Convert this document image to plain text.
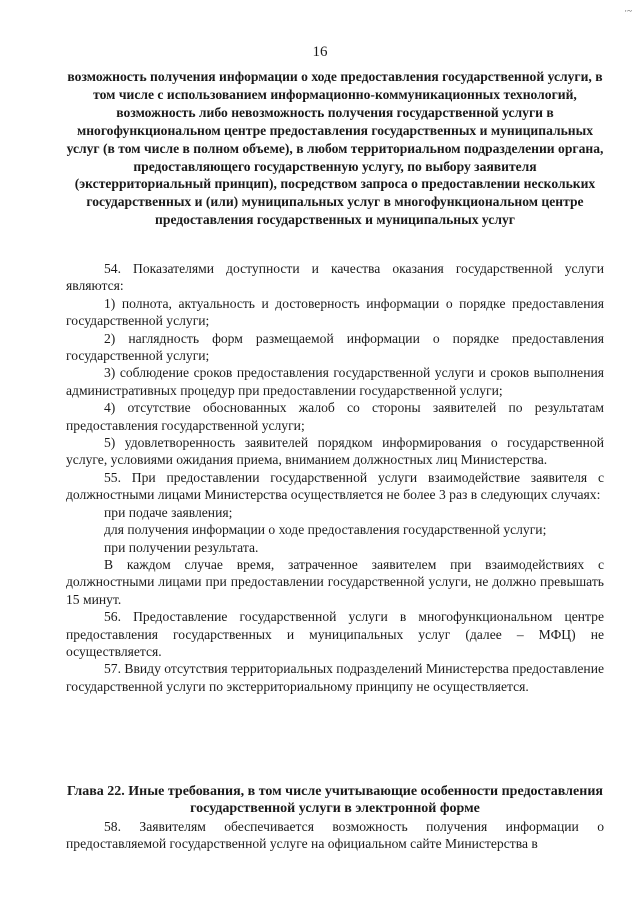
·~
16
возможность получения информации о ходе предоставления государственной услуги, в том числе с использованием информационно-коммуникационных технологий, возможность либо невозможность получения государственной услуги в многофункциональном центре предоставления государственных и муниципальных услуг (в том числе в полном объеме), в любом территориальном подразделении органа, предоставляющего государственную услугу, по выбору заявителя (экстерриториальный принцип), посредством запроса о предоставлении нескольких государственных и (или) муниципальных услуг в многофункциональном центре предоставления государственных и муниципальных услуг

54. Показателями доступности и качества оказания государственной услуги являются:

1) полнота, актуальность и достоверность информации о порядке предоставления государственной услуги;

2) наглядность форм размещаемой информации о порядке предоставления государственной услуги;

3) соблюдение сроков предоставления государственной услуги и сроков выполнения административных процедур при предоставлении государственной услуги;

4) отсутствие обоснованных жалоб со стороны заявителей по результатам предоставления государственной услуги;

5) удовлетворенность заявителей порядком информирования о государственной услуге, условиями ожидания приема, вниманием должностных лиц Министерства.

55. При предоставлении государственной услуги взаимодействие заявителя с должностными лицами Министерства осуществляется не более 3 раз в следующих случаях:

при подаче заявления;

для получения информации о ходе предоставления государственной услуги;

при получении результата.

В каждом случае время, затраченное заявителем при взаимодействиях с должностными лицами при предоставлении государственной услуги, не должно превышать 15 минут.

56. Предоставление государственной услуги в многофункциональном центре предоставления государственных и муниципальных услуг (далее – МФЦ) не осуществляется.

57. Ввиду отсутствия территориальных подразделений Министерства предоставление государственной услуги по экстерриториальному принципу не осуществляется.

Глава 22. Иные требования, в том числе учитывающие особенности предоставления государственной услуги в электронной форме

58. Заявителям обеспечивается возможность получения информации о предоставляемой государственной услуге на официальном сайте Министерства в
